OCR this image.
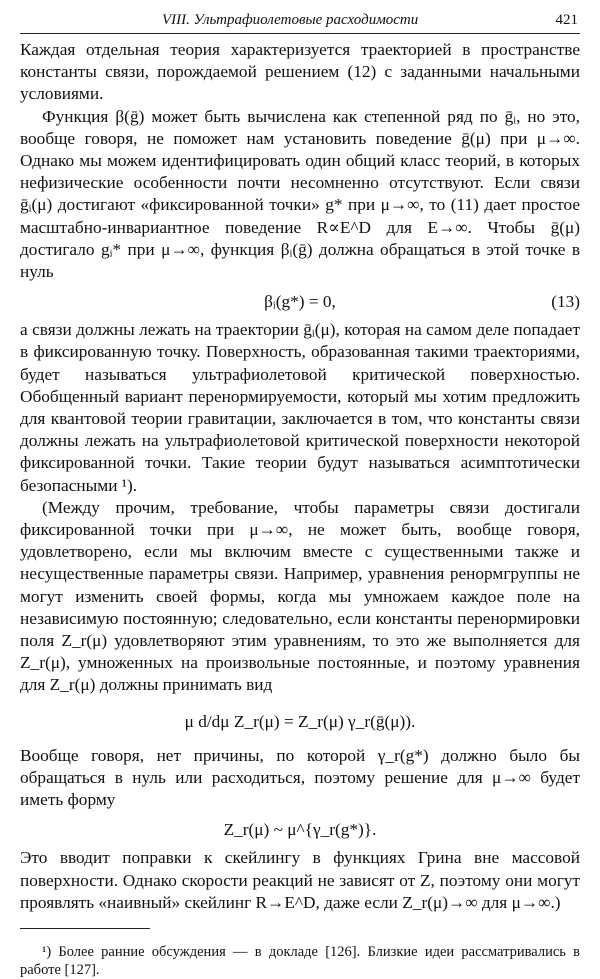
VIII. Ультрафиолетовые расходимости	421

Каждая отдельная теория характеризуется траекторией в пространстве константы связи, порождаемой решением (12) с заданными начальными условиями.

Функция β(ḡ) может быть вычислена как степенной ряд по ḡᵢ, но это, вообще говоря, не поможет нам установить поведение ḡ(μ) при μ→∞. Однако мы можем идентифицировать один общий класс теорий, в которых нефизические особенности почти несомненно отсутствуют. Если связи ḡᵢ(μ) достигают «фиксированной точки» g* при μ→∞, то (11) дает простое масштабно-инвариантное поведение R∝E^D для E→∞. Чтобы ḡ(μ) достигало gᵢ* при μ→∞, функция βᵢ(ḡ) должна обращаться в этой точке в нуль

βᵢ(g*) = 0,	(13)

а связи должны лежать на траектории ḡᵢ(μ), которая на самом деле попадает в фиксированную точку. Поверхность, образованная такими траекториями, будет называться ультрафиолетовой критической поверхностью. Обобщенный вариант перенормируемости, который мы хотим предложить для квантовой теории гравитации, заключается в том, что константы связи должны лежать на ультрафиолетовой критической поверхности некоторой фиксированной точки. Такие теории будут называться асимптотически безопасными ¹).

(Между прочим, требование, чтобы параметры связи достигали фиксированной точки при μ→∞, не может быть, вообще говоря, удовлетворено, если мы включим вместе с существенными также и несущественные параметры связи. Например, уравнения ренормгруппы не могут изменить своей формы, когда мы умножаем каждое поле на независимую постоянную; следовательно, если константы перенормировки поля Z_r(μ) удовлетворяют этим уравнениям, то это же выполняется для Z_r(μ), умноженных на произвольные постоянные, и поэтому уравнения для Z_r(μ) должны принимать вид

μ d/dμ Z_r(μ) = Z_r(μ) γ_r(ḡ(μ)).

Вообще говоря, нет причины, по которой γ_r(g*) должно было бы обращаться в нуль или расходиться, поэтому решение для μ→∞ будет иметь форму

Z_r(μ) ~ μ^{γ_r(g*)}.

Это вводит поправки к скейлингу в функциях Грина вне массовой поверхности. Однако скорости реакций не зависят от Z, поэтому они могут проявлять «наивный» скейлинг R→E^D, даже если Z_r(μ)→∞ для μ→∞.)

¹) Более ранние обсуждения — в докладе [126]. Близкие идеи рассматривались в работе [127].
